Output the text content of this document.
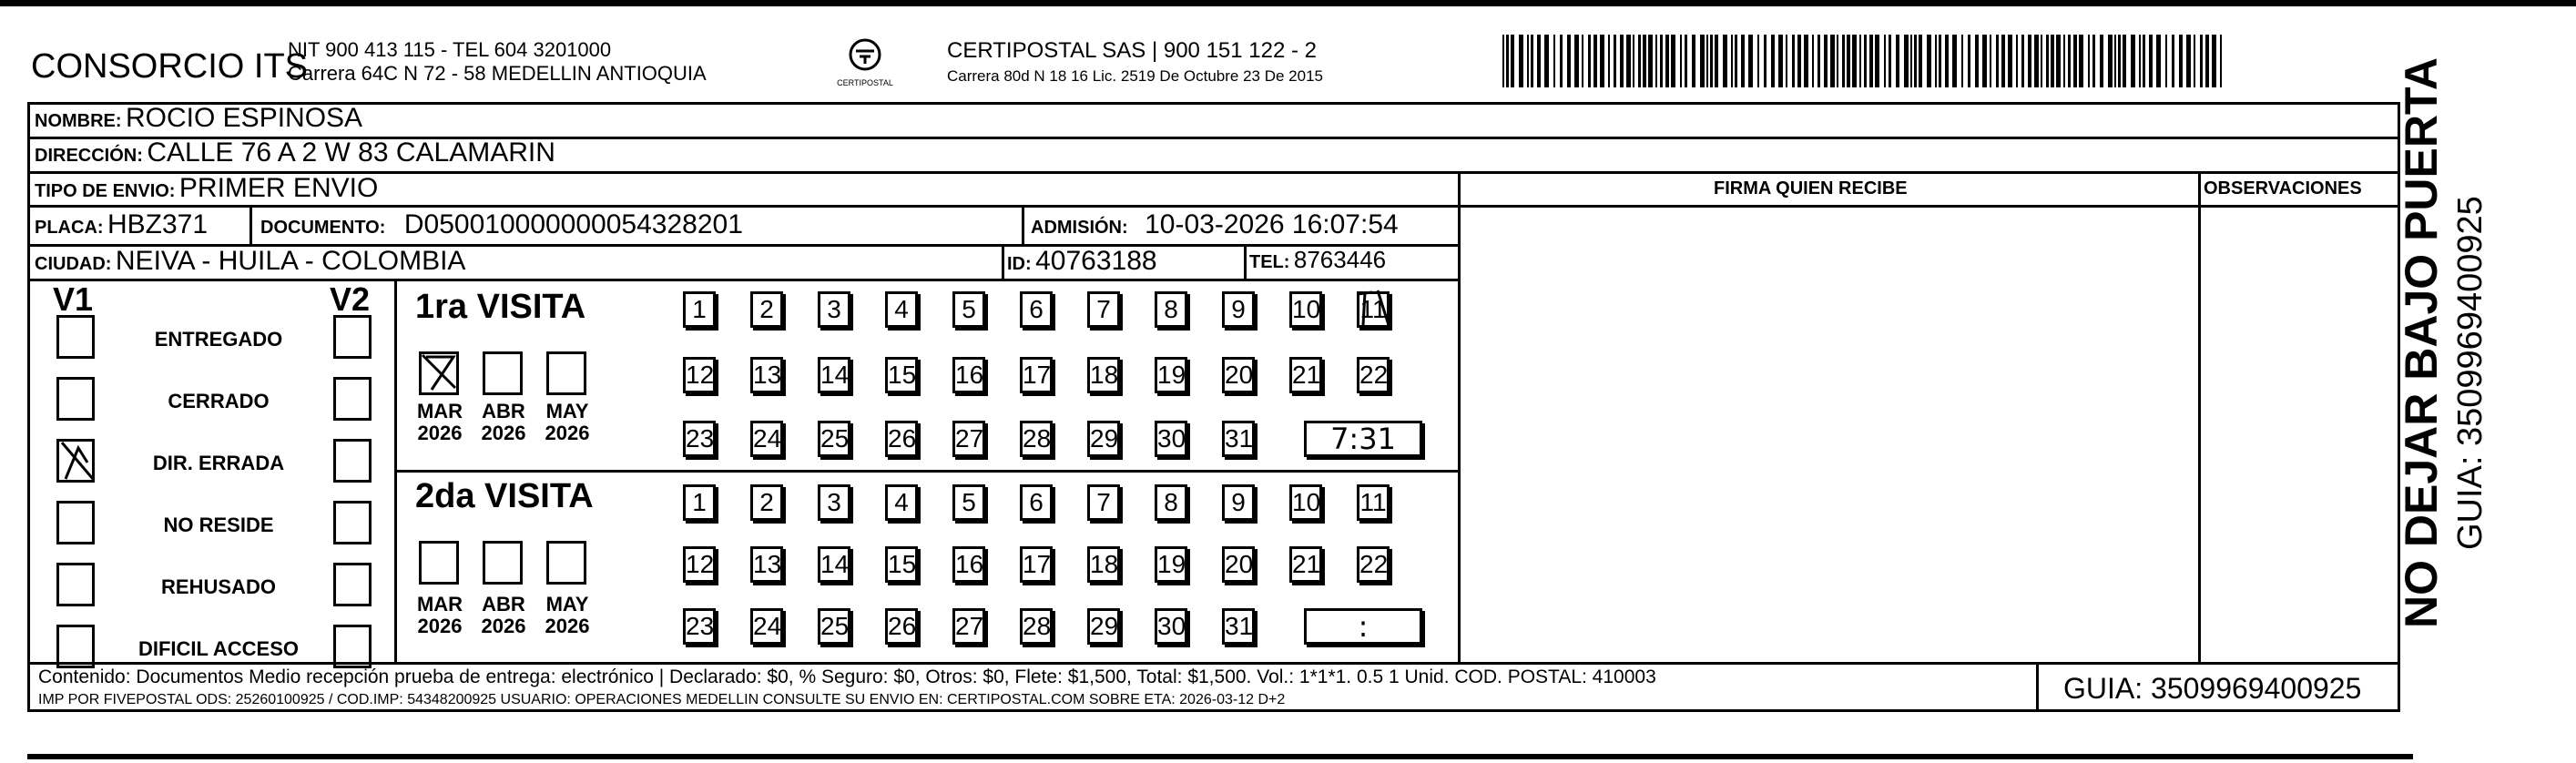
CONSORCIO ITS
NIT 900 413 115 - TEL 604 3201000
Carrera 64C N 72 - 58 MEDELLIN ANTIOQUIA	CERTIPOSTAL
CERTIPOSTAL SAS | 900 151 122 - 2
Carrera 80d N 18 16 Lic. 2519 De Octubre 23 De 2015
NOMBRE: ROCIO ESPINOSA
DIRECCIÓN: CALLE 76 A 2 W 83 CALAMARIN
TIPO DE ENVIO: PRIMER ENVIO	FIRMA QUIEN RECIBE	OBSERVACIONES
PLACA: HBZ371	DOCUMENTO: D050010000000054328201	ADMISIÓN: 10-03-2026 16:07:54
CIUDAD: NEIVA - HUILA - COLOMBIA	ID: 40763188	TEL: 8763446
V1	V2
ENTREGADO
CERRADO
DIR. ERRADA
NO RESIDE
REHUSADO
DIFICIL ACCESO
1ra VISITA
2da VISITA
MAR
2026
ABR
2026
MAY
2026
MAR
2026
ABR
2026
MAY
2026
1	2	3	4	5	6	7	8	9	10 11
12 13 14 15 16 17 18 19 20 21 22
23 24 25 26 27 28 29 30 31	7:31
1	2	3	4	5	6	7	8	9	10 11
12 13 14 15 16 17 18 19 20 21 22
23 24 25 26 27 28 29 30 31	:
Contenido: Documentos Medio recepción prueba de entrega: electrónico | Declarado: $0, % Seguro: $0, Otros: $0, Flete: $1,500, Total: $1,500. Vol.: 1*1*1. 0.5 1 Unid. COD. POSTAL: 410003
IMP POR FIVEPOSTAL ODS: 25260100925 / COD.IMP: 54348200925 USUARIO: OPERACIONES MEDELLIN CONSULTE SU ENVIO EN: CERTIPOSTAL.COM SOBRE ETA: 2026-03-12 D+2	GUIA: 3509969400925
NO DEJAR BAJO PUERTA GUIA: 3509969400925
